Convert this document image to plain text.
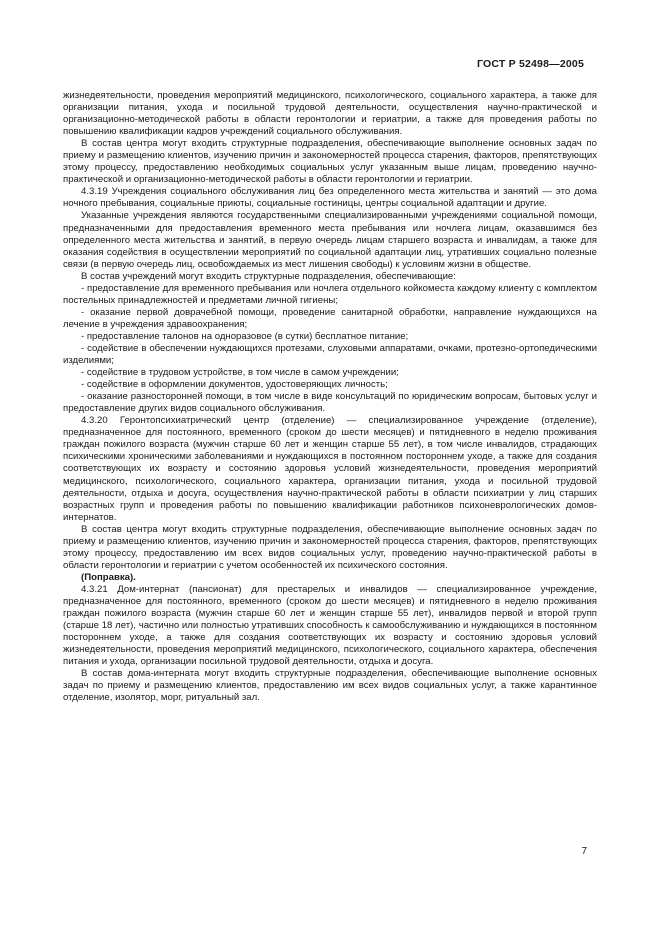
ГОСТ Р 52498—2005

жизнедеятельности, проведения мероприятий медицинского, психологического, социального характера, а также для организации питания, ухода и посильной трудовой деятельности, осуществления научно-практической и организационно-методической работы в области геронтологии и гериатрии, а также для проведения работы по повышению квалификации кадров учреждений социального обслуживания.

В состав центра могут входить структурные подразделения, обеспечивающие выполнение основных задач по приему и размещению клиентов, изучению причин и закономерностей процесса старения, факторов, препятствующих этому процессу, предоставлению необходимых социальных услуг указанным выше лицам, проведению научно-практической и организационно-методической работы в области геронтологии и гериатрии.

4.3.19 Учреждения социального обслуживания лиц без определенного места жительства и занятий — это дома ночного пребывания, социальные приюты, социальные гостиницы, центры социальной адаптации и другие.

Указанные учреждения являются государственными специализированными учреждениями социальной помощи, предназначенными для предоставления временного места пребывания или ночлега лицам, оказавшимся без определенного места жительства и занятий, в первую очередь лицам старшего возраста и инвалидам, а также для оказания содействия в осуществлении мероприятий по социальной адаптации лиц, утративших социально полезные связи (в первую очередь лиц, освобождаемых из мест лишения свободы) к условиям жизни в обществе.

В состав учреждений могут входить структурные подразделения, обеспечивающие:

- предоставление для временного пребывания или ночлега отдельного койкоместа каждому клиенту с комплектом постельных принадлежностей и предметами личной гигиены;

- оказание первой доврачебной помощи, проведение санитарной обработки, направление нуждающихся на лечение в учреждения здравоохранения;

- предоставление талонов на одноразовое (в сутки) бесплатное питание;

- содействие в обеспечении нуждающихся протезами, слуховыми аппаратами, очками, протезно-ортопедическими изделиями;

- содействие в трудовом устройстве, в том числе в самом учреждении;

- содействие в оформлении документов, удостоверяющих личность;

- оказание разносторонней помощи, в том числе в виде консультаций по юридическим вопросам, бытовых услуг и предоставление других видов социального обслуживания.

4.3.20 Геронтопсихиатрический центр (отделение) — специализированное учреждение (отделение), предназначенное для постоянного, временного (сроком до шести месяцев) и пятидневного в неделю проживания граждан пожилого возраста (мужчин старше 60 лет и женщин старше 55 лет), в том числе инвалидов, страдающих психическими хроническими заболеваниями и нуждающихся в постоянном постороннем уходе, а также для создания соответствующих их возрасту и состоянию здоровья условий жизнедеятельности, проведения мероприятий медицинского, психологического, социального характера, организации питания, ухода и посильной трудовой деятельности, отдыха и досуга, осуществления научно-практической работы в области психиатрии у лиц старших возрастных групп и проведения работы по повышению квалификации работников психоневрологических домов-интернатов.

В состав центра могут входить структурные подразделения, обеспечивающие выполнение основных задач по приему и размещению клиентов, изучению причин и закономерностей процесса старения, факторов, препятствующих этому процессу, предоставлению им всех видов социальных услуг, проведению научно-практической работы в области геронтологии и гериатрии с учетом особенностей их психического состояния.

(Поправка).

4.3.21 Дом-интернат (пансионат) для престарелых и инвалидов — специализированное учреждение, предназначенное для постоянного, временного (сроком до шести месяцев) и пятидневного в неделю проживания граждан пожилого возраста (мужчин старше 60 лет и женщин старше 55 лет), инвалидов первой и второй групп (старше 18 лет), частично или полностью утративших способность к самообслуживанию и нуждающихся в постоянном постороннем уходе, а также для создания соответствующих их возрасту и состоянию здоровья условий жизнедеятельности, проведения мероприятий медицинского, психологического, социального характера, обеспечения питания и ухода, организации посильной трудовой деятельности, отдыха и досуга.

В состав дома-интерната могут входить структурные подразделения, обеспечивающие выполнение основных задач по приему и размещению клиентов, предоставлению им всех видов социальных услуг, а также карантинное отделение, изолятор, морг, ритуальный зал.

7
